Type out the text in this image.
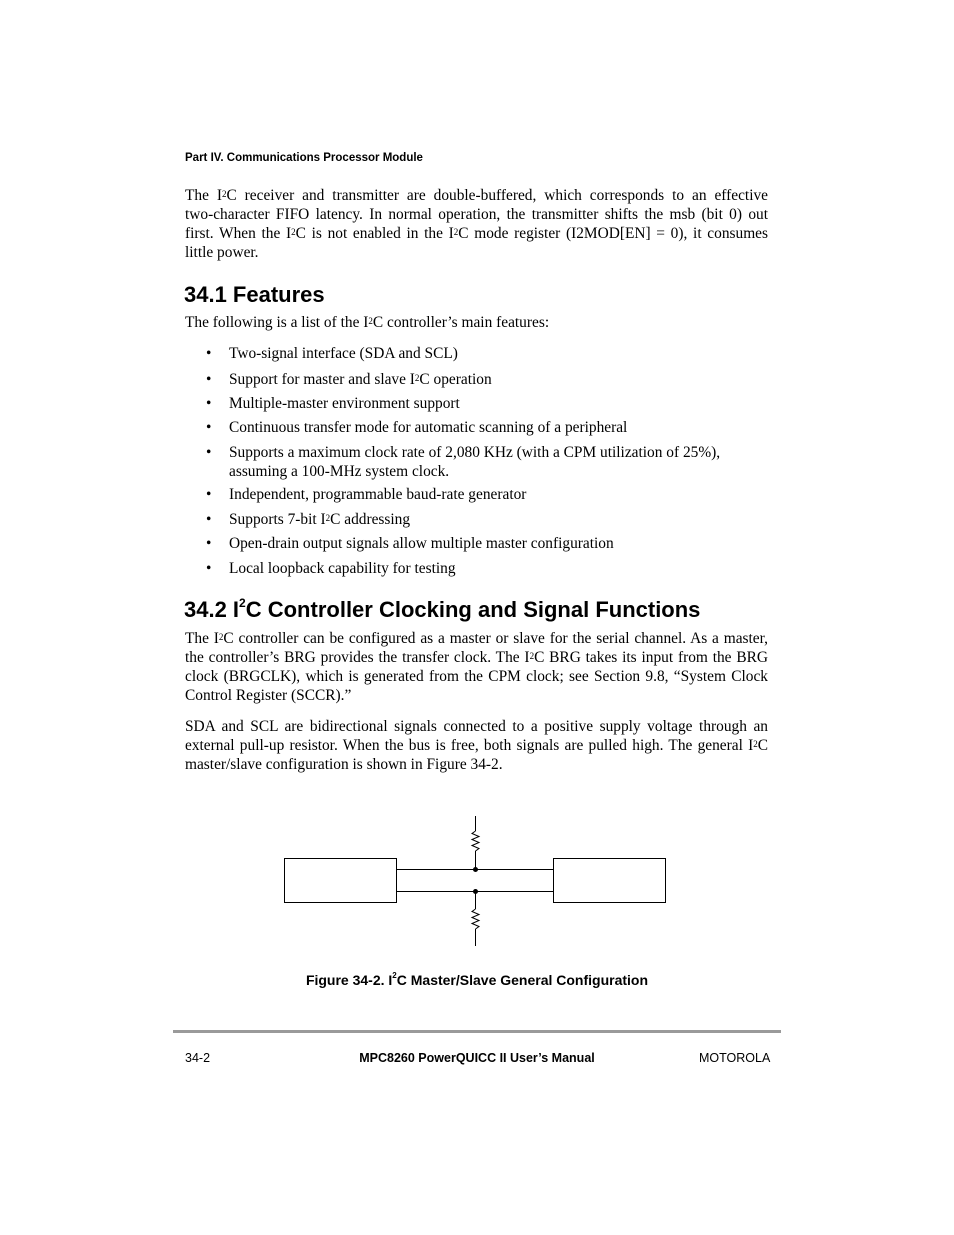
Part IV. Communications Processor Module
The $I^2C$ receiver and transmitter are double-buffered, which corresponds to an effective
two-character FIFO latency. In normal operation, the transmitter shifts the msb (bit 0) out
first. When the $I^2C$ is not enabled in the $I^2C$ mode register (I2MOD[EN] = 0), it consumes
little power.
34.1 Features
The following is a list of the $I^2C$ controller’s main features:
• Two-signal interface (SDA and SCL)
• Support for master and slave $I^2C$ operation
• Multiple-master environment support
• Continuous transfer mode for automatic scanning of a peripheral
• Supports a maximum clock rate of 2,080 KHz (with a CPM utilization of 25%),
assuming a 100-MHz system clock.
• Independent, programmable baud-rate generator
• Supports 7-bit $I^2C$ addressing
• Open-drain output signals allow multiple master configuration
• Local loopback capability for testing
34.2 $I^2C$ Controller Clocking and Signal Functions
The $I^2C$ controller can be configured as a master or slave for the serial channel. As a master,
the controller’s BRG provides the transfer clock. The $I^2C$ BRG takes its input from the BRG
clock (BRGCLK), which is generated from the CPM clock; see Section 9.8, “System Clock
Control Register (SCCR).”
SDA and SCL are bidirectional signals connected to a positive supply voltage through an
external pull-up resistor. When the bus is free, both signals are pulled high. The general $I^2C$
master/slave configuration is shown in Figure 34-2.
Figure 34-2. $I^2C$ Master/Slave General Configuration
34-2	MPC8260 PowerQUICC II User’s Manual	MOTOROLA
